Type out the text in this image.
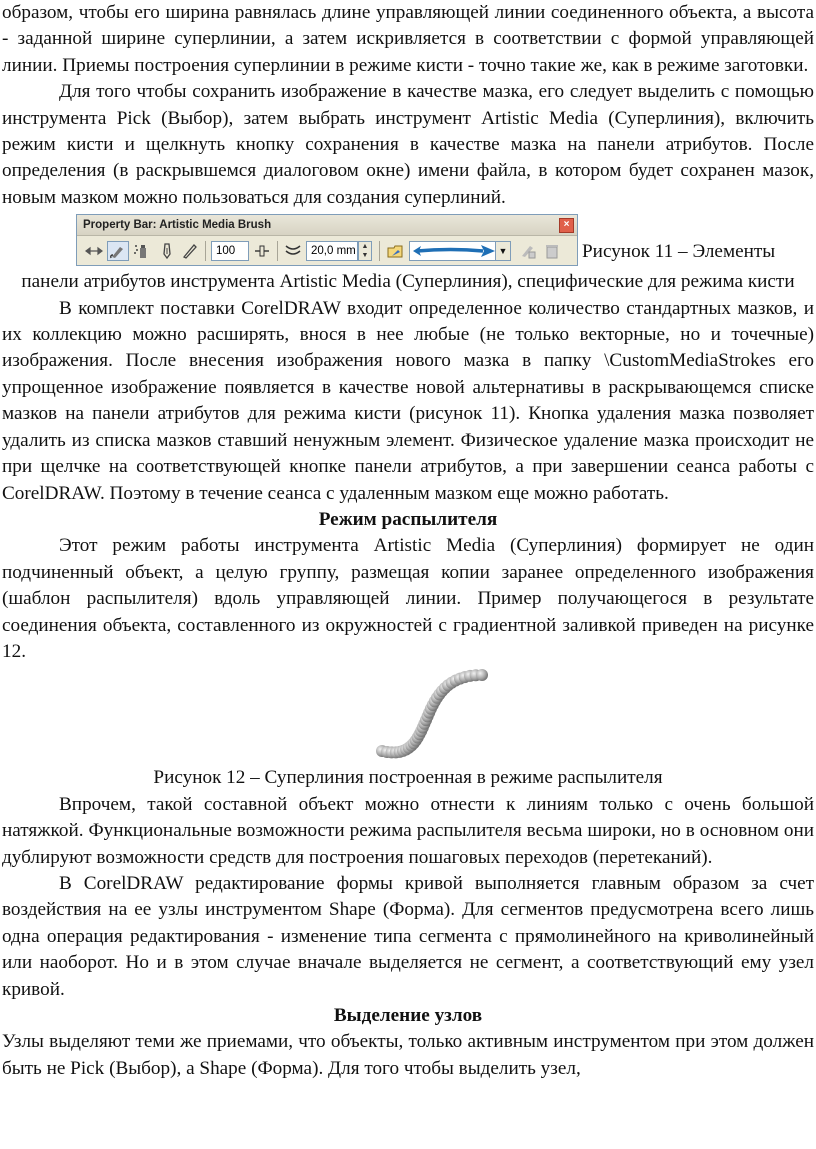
образом, чтобы его ширина равнялась длине управляющей линии соединенного объекта, а высота - заданной ширине суперлинии, а затем искривляется в соответствии с формой управляющей линии. Приемы построения суперлинии в режиме кисти - точно такие же, как в режиме заготовки.

Для того чтобы сохранить изображение в качестве мазка, его следует выделить с помощью инструмента Pick (Выбор), затем выбрать инструмент Artistic Media (Суперлиния), включить режим кисти и щелкнуть кнопку сохранения в качестве мазка на панели атрибутов. После определения (в раскрывшемся диалоговом окне) имени файла, в котором будет сохранен мазок, новым мазком можно пользоваться для создания суперлиний.

Property Bar: Artistic Media Brush	×
100	20,0 mm ▲
▼	▼	Рисунок 11 – Элементы

панели атрибутов инструмента Artistic Media (Суперлиния), специфические для режима кисти

В комплект поставки CorelDRAW входит определенное количество стандартных мазков, и их коллекцию можно расширять, внося в нее любые (не только векторные, но и точечные) изображения. После внесения изображения нового мазка в папку \CustomMediaStrokes его упрощенное изображение появляется в качестве новой альтернативы в раскрывающемся списке мазков на панели атрибутов для режима кисти (рисунок 11). Кнопка удаления мазка позволяет удалить из списка мазков ставший ненужным элемент. Физическое удаление мазка происходит не при щелчке на соответствующей кнопке панели атрибутов, а при завершении сеанса работы с CorelDRAW. Поэтому в течение сеанса с удаленным мазком еще можно работать.

Режим распылителя

Этот режим работы инструмента Artistic Media (Суперлиния) формирует не один подчиненный объект, а целую группу, размещая копии заранее определенного изображения (шаблон распылителя) вдоль управляющей линии. Пример получающегося в результате соединения объекта, составленного из окружностей с градиентной заливкой приведен на рисунке 12.

Рисунок 12 – Суперлиния построенная в режиме распылителя

Впрочем, такой составной объект можно отнести к линиям только с очень большой натяжкой. Функциональные возможности режима распылителя весьма широки, но в основном они дублируют возможности средств для построения пошаговых переходов (перетеканий).

В CorelDRAW редактирование формы кривой выполняется главным образом за счет воздействия на ее узлы инструментом Shape (Форма). Для сегментов предусмотрена всего лишь одна операция редактирования - изменение типа сегмента с прямолинейного на криволинейный или наоборот. Но и в этом случае вначале выделяется не сегмент, а соответствующий ему узел кривой.

Выделение узлов

Узлы выделяют теми же приемами, что объекты, только активным инструментом при этом должен быть не Pick (Выбор), а Shape (Форма). Для того чтобы выделить узел,
